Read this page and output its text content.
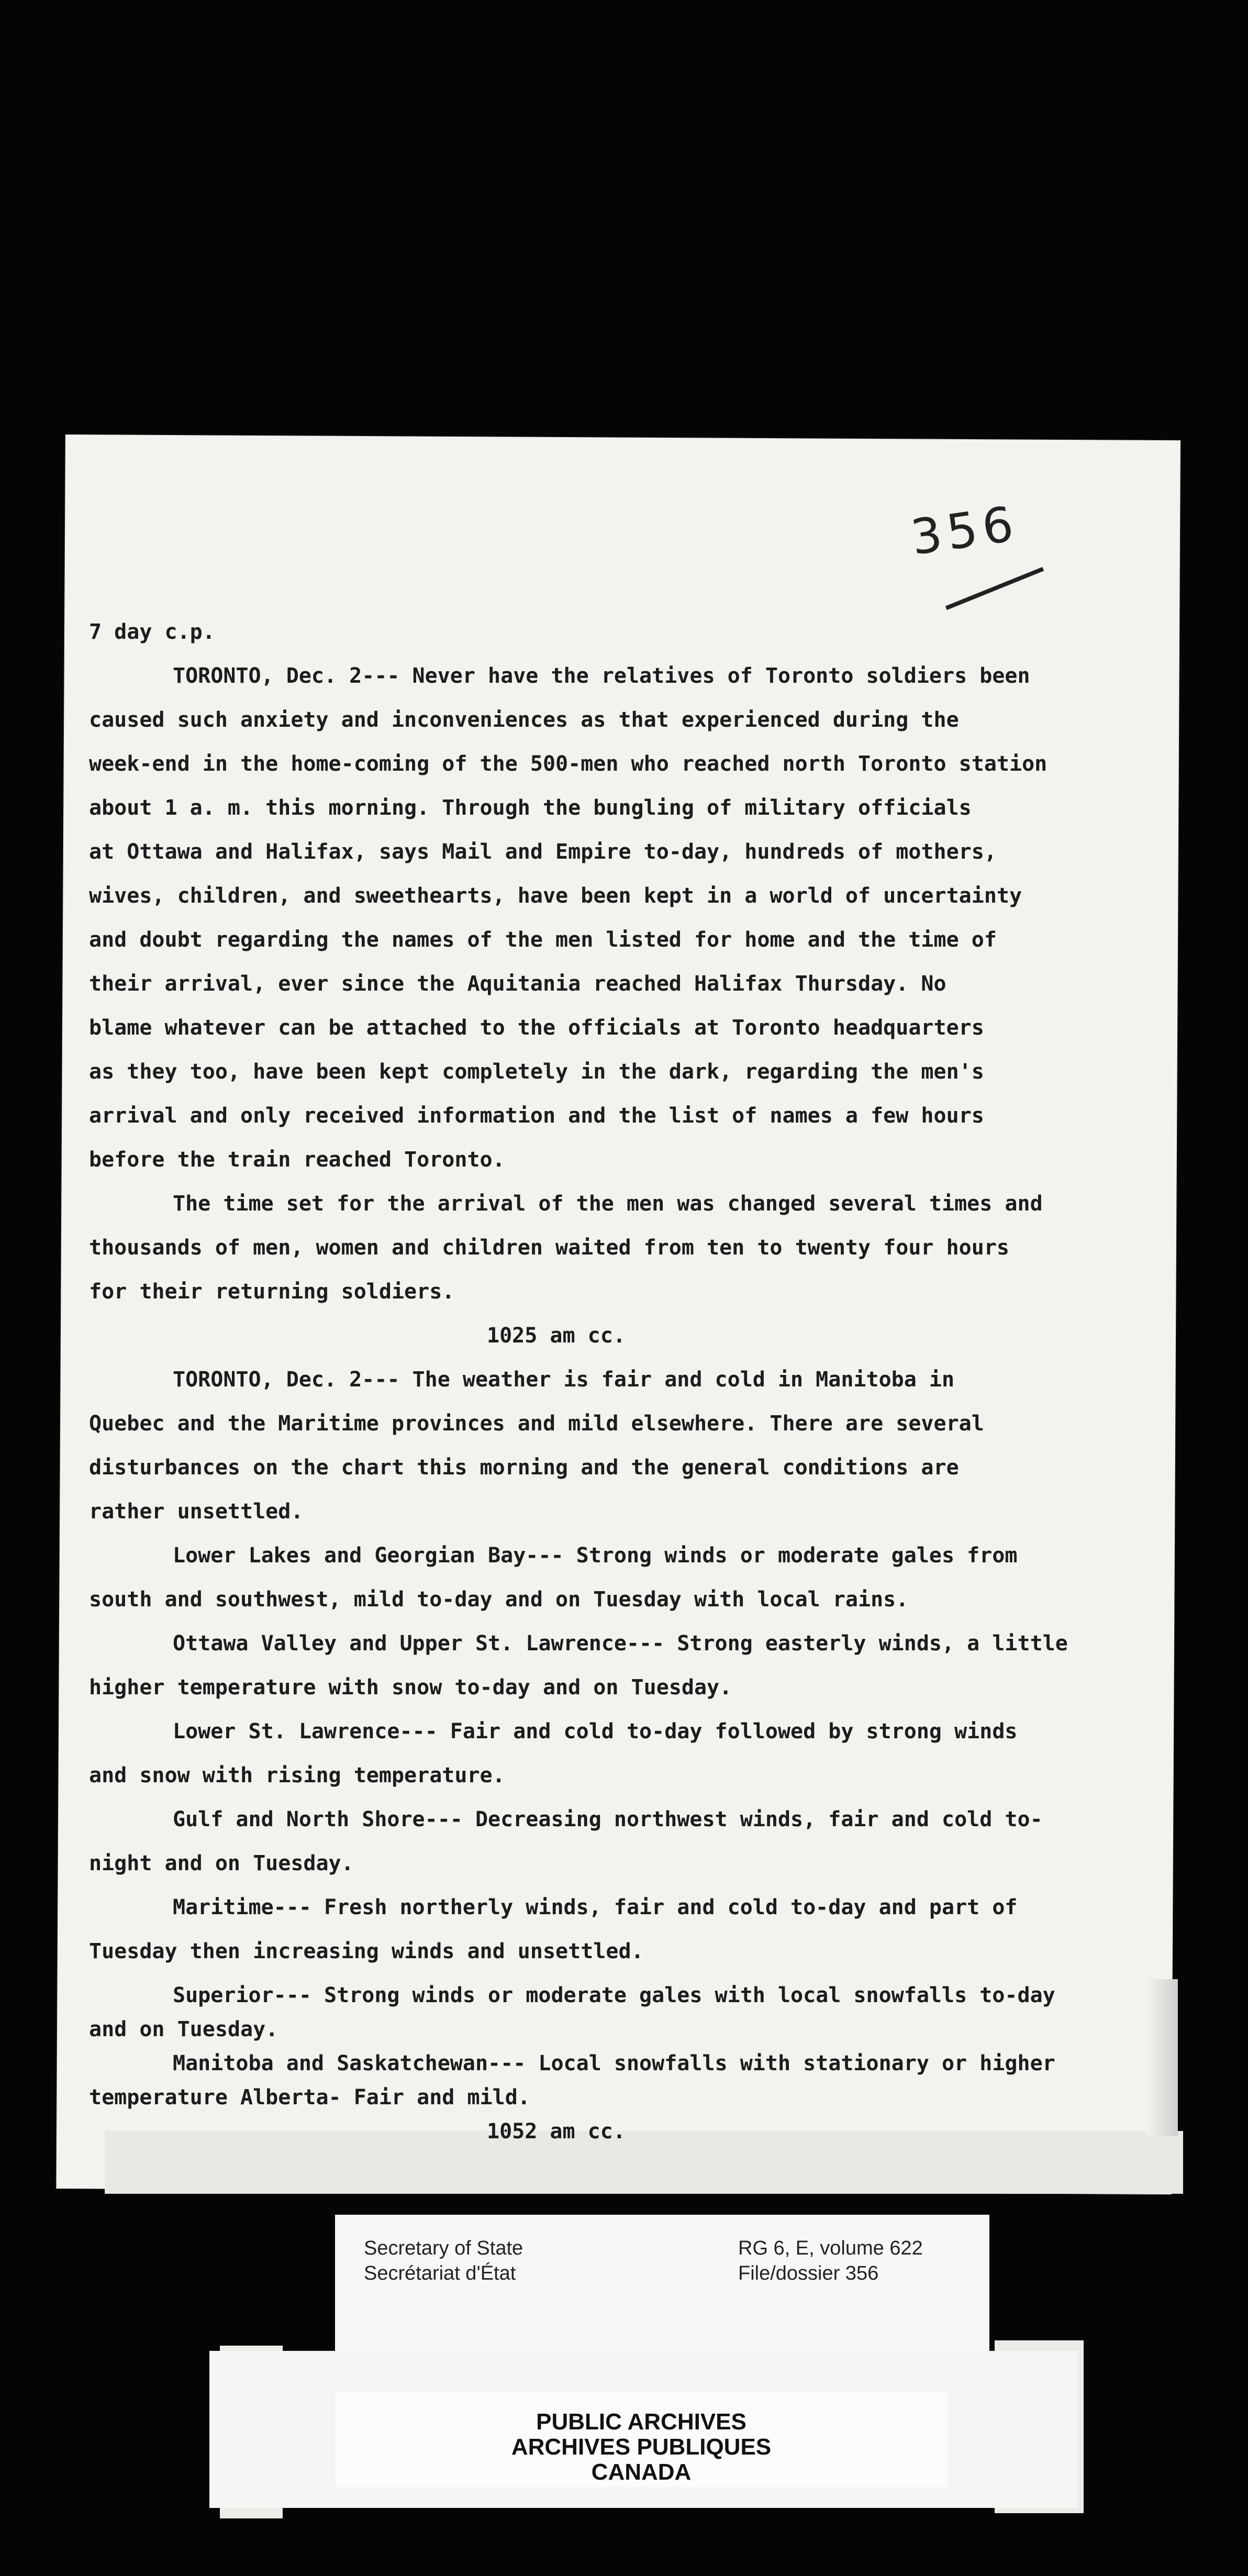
356
7 day c.p.
TORONTO, Dec. 2--- Never have the relatives of Toronto soldiers been
caused such anxiety and inconveniences as that experienced during the
week-end in the home-coming of the 500-men who reached north Toronto station
about 1 a. m. this morning. Through the bungling of military officials
at Ottawa and Halifax, says Mail and Empire to-day, hundreds of mothers,
wives, children, and sweethearts, have been kept in a world of uncertainty
and doubt regarding the names of the men listed for home and the time of
their arrival, ever since the Aquitania reached Halifax Thursday. No
blame whatever can be attached to the officials at Toronto headquarters
as they too, have been kept completely in the dark, regarding the men's
arrival and only received information and the list of names a few hours
before the train reached Toronto.
The time set for the arrival of the men was changed several times and
thousands of men, women and children waited from ten to twenty four hours
for their returning soldiers.
1025 am cc.
TORONTO, Dec. 2--- The weather is fair and cold in Manitoba in
Quebec and the Maritime provinces and mild elsewhere. There are several
disturbances on the chart this morning and the general conditions are
rather unsettled.
Lower Lakes and Georgian Bay--- Strong winds or moderate gales from
south and southwest, mild to-day and on Tuesday with local rains.
Ottawa Valley and Upper St. Lawrence--- Strong easterly winds, a little
higher temperature with snow to-day and on Tuesday.
Lower St. Lawrence--- Fair and cold to-day followed by strong winds
and snow with rising temperature.
Gulf and North Shore--- Decreasing northwest winds, fair and cold to-
night and on Tuesday.
Maritime--- Fresh northerly winds, fair and cold to-day and part of
Tuesday then increasing winds and unsettled.
Superior--- Strong winds or moderate gales with local snowfalls to-day
and on Tuesday.
Manitoba and Saskatchewan--- Local snowfalls with stationary or higher
temperature Alberta- Fair and mild.
1052 am cc.
Secretary of State
Secrétariat d'État
RG 6, E, volume 622
File/dossier 356
PUBLIC ARCHIVES
ARCHIVES PUBLIQUES
CANADA
